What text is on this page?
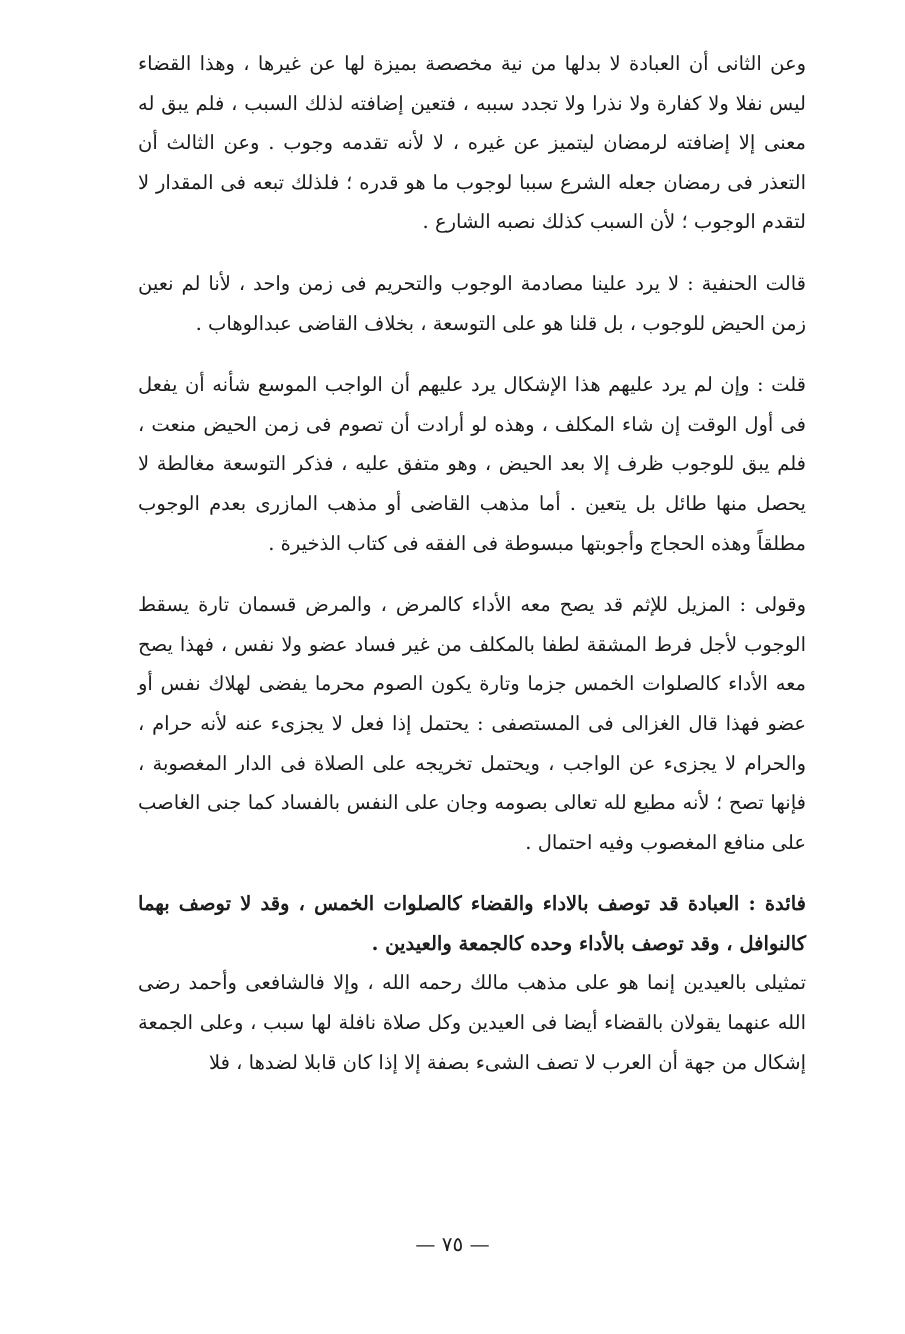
وعن الثانى أن العبادة لا بدلها من نية مخصصة بميزة لها عن غيرها ، وهذا القضاء ليس نفلا ولا كفارة ولا نذرا ولا تجدد سببه ، فتعين إضافته لذلك السبب ، فلم يبق له معنى إلا إضافته لرمضان ليتميز عن غيره ، لا لأنه تقدمه وجوب . وعن الثالث أن التعذر فى رمضان جعله الشرع سببا لوجوب ما هو قدره ؛ فلذلك تبعه فى المقدار لا لتقدم الوجوب ؛ لأن السبب كذلك نصبه الشارع .

قالت الحنفية : لا يرد علينا مصادمة الوجوب والتحريم فى زمن واحد ، لأنا لم نعين زمن الحيض للوجوب ، بل قلنا هو على التوسعة ، بخلاف القاضى عبدالوهاب .

قلت : وإن لم يرد عليهم هذا الإشكال يرد عليهم أن الواجب الموسع شأنه أن يفعل فى أول الوقت إن شاء المكلف ، وهذه لو أرادت أن تصوم فى زمن الحيض منعت ، فلم يبق للوجوب ظرف إلا بعد الحيض ، وهو متفق عليه ، فذكر التوسعة مغالطة لا يحصل منها طائل بل يتعين . أما مذهب القاضى أو مذهب المازرى بعدم الوجوب مطلقاً وهذه الحجاج وأجوبتها مبسوطة فى الفقه فى كتاب الذخيرة .

وقولى : المزيل للإثم قد يصح معه الأداء كالمرض ، والمرض قسمان تارة يسقط الوجوب لأجل فرط المشقة لطفا بالمكلف من غير فساد عضو ولا نفس ، فهذا يصح معه الأداء كالصلوات الخمس جزما وتارة يكون الصوم محرما يفضى لهلاك نفس أو عضو فهذا قال الغزالى فى المستصفى : يحتمل إذا فعل لا يجزىء عنه لأنه حرام ، والحرام لا يجزىء عن الواجب ، ويحتمل تخريجه على الصلاة فى الدار المغصوبة ، فإنها تصح ؛ لأنه مطيع لله تعالى بصومه وجان على النفس بالفساد كما جنى الغاصب على منافع المغصوب وفيه احتمال .

فائدة : العبادة قد توصف بالاداء والقضاء كالصلوات الخمس ، وقد لا توصف بهما كالنوافل ، وقد توصف بالأداء وحده كالجمعة والعيدين .

تمثيلى بالعيدين إنما هو على مذهب مالك رحمه الله ، وإلا فالشافعى وأحمد رضى الله عنهما يقولان بالقضاء أيضا فى العيدين وكل صلاة نافلة لها سبب ، وعلى الجمعة إشكال من جهة أن العرب لا تصف الشىء بصفة إلا إذا كان قابلا لضدها ، فلا

— ٧٥ —
